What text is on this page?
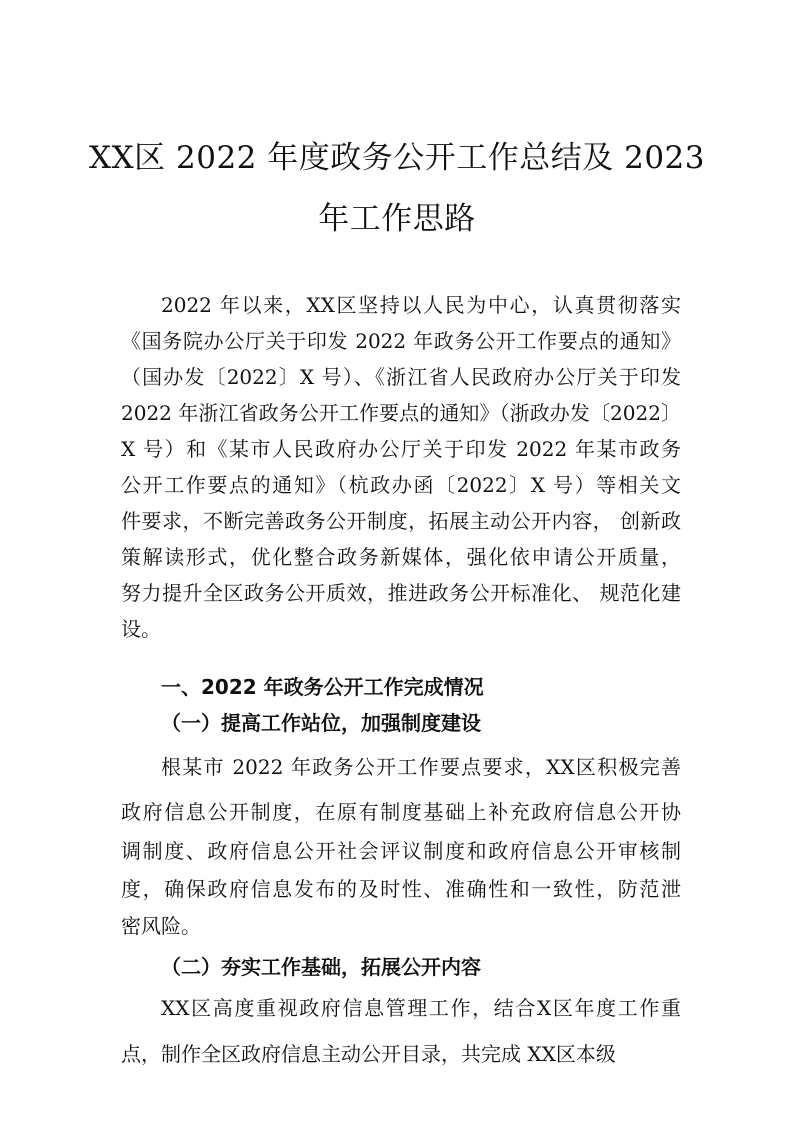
XX区 2022 年度政务公开工作总结及 2023
年工作思路
2022 年以来，XX区坚持以人民为中心，认真贯彻落实
《国务院办公厅关于印发 2022 年政务公开工作要点的通知》
（国办发〔2022〕X 号）、《浙江省人民政府办公厅关于印发
2022 年浙江省政务公开工作要点的通知》（浙政办发〔2022〕
X 号）和《某市人民政府办公厅关于印发 2022 年某市政务
公开工作要点的通知》（杭政办函〔2022〕X 号）等相关文
件要求，不断完善政务公开制度，拓展主动公开内容， 创新政
策解读形式，优化整合政务新媒体，强化依申请公开质量，
努力提升全区政务公开质效，推进政务公开标准化、 规范化建
设。
一、2022 年政务公开工作完成情况
（一）提高工作站位，加强制度建设
根某市 2022 年政务公开工作要点要求，XX区积极完善
政府信息公开制度，在原有制度基础上补充政府信息公开协
调制度、政府信息公开社会评议制度和政府信息公开审核制
度，确保政府信息发布的及时性、准确性和一致性，防范泄
密风险。
（二）夯实工作基础，拓展公开内容
XX区高度重视政府信息管理工作，结合X区年度工作重
点，制作全区政府信息主动公开目录，共完成 XX区本级
